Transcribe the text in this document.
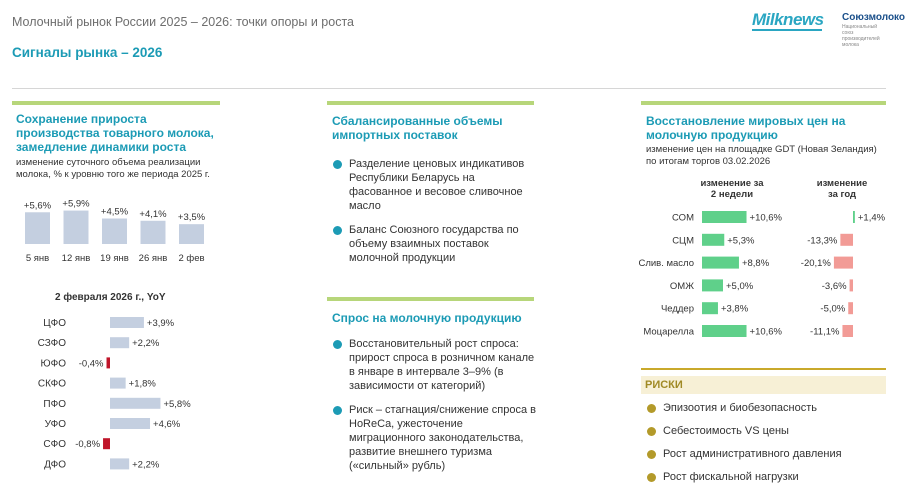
Молочный рынок России 2025 – 2026: точки опоры и роста
Сигналы рынка – 2026
Milknews Союзмолоко
Национальный союз производителей молока
Сохранение прироста производства товарного молока, замедление динамики роста
изменение суточного объема реализации молока, % к уровню того же периода 2025 г.
+5,6%
5 янв
+5,9%
12 янв
+4,5%
19 янв
+4,1%
26 янв
+3,5%
2 фев
2 февраля 2026 г., YoY
ЦФО	+3,9%
СЗФО	+2,2%
ЮФО -0,4%
СКФО	+1,8%
ПФО	+5,8%
УФО	+4,6%
СФО -0,8%
ДФО	+2,2%
Сбалансированные объемы импортных поставок
Разделение ценовых индикативов Республики Беларусь на фасованное и весовое сливочное масло
Баланс Союзного государства по объему взаимных поставок молочной продукции
Спрос на молочную продукцию
Восстановительный рост спроса: прирост спроса в розничном канале в январе в интервале 3–9% (в зависимости от категорий)
Риск – стагнация/снижение спроса в HoReCa, ужесточение миграционного законодательства, развитие внешнего туризма («сильный» рубль)
Восстановление мировых цен на молочную продукцию
изменение цен на площадке GDT (Новая Зеландия) по итогам торгов 03.02.2026
изменение за 2 недели
изменение за год
СОМ	+10,6%	+1,4%
СЦМ	+5,3%	-13,3%
Слив. масло	+8,8%	-20,1%
ОМЖ	+5,0%	-3,6%
Чеддер	+3,8%	-5,0%
Моцарелла	+10,6%	-11,1%
РИСКИ
Эпизоотия и биобезопасность
Себестоимость VS цены
Рост административного давления
Рост фискальной нагрузки
